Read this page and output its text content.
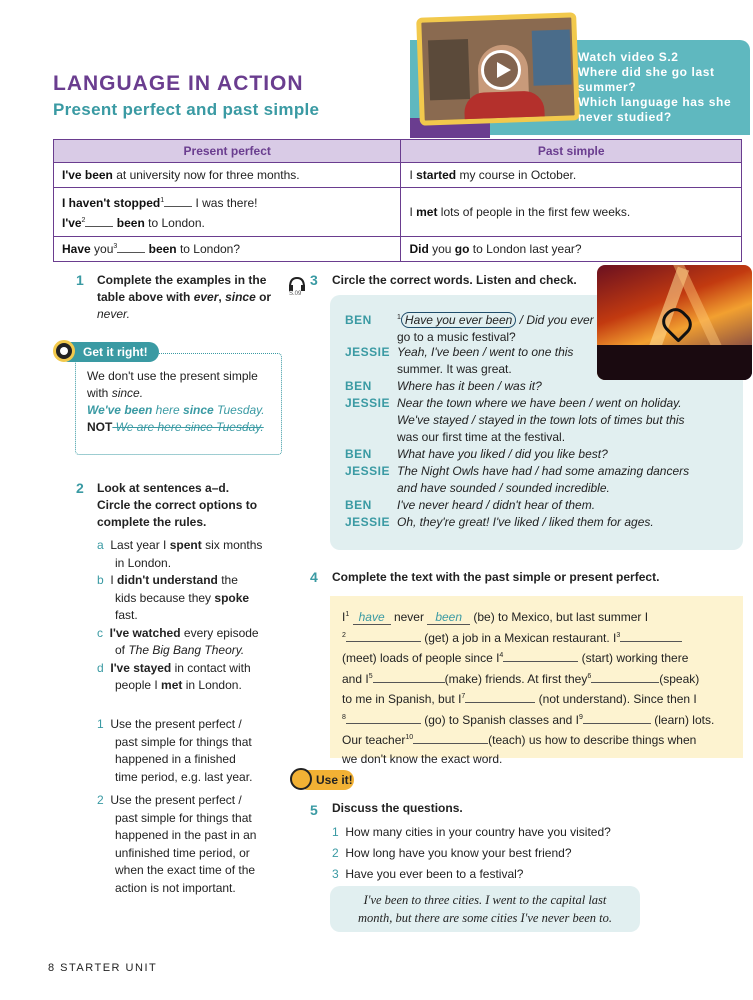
LANGUAGE IN ACTION
Present perfect and past simple
Watch video S.2
Where did she go last summer?
Which language has she never studied?
Present perfect	Past simple
I've been at university now for three months.	I started my course in October.
I haven't stopped$^1$ I was there!
$I've^2$ been to London.	I met lots of people in the first few weeks.
Have you$^3$ been to London?	Did you go to London last year?
1 Complete the examples in the
table above with ever, since or
never.
Get it right!
We don't use the present simple
with since.
We've been here since Tuesday.
NOT We are here since Tuesday.
2 Look at sentences a–d.
Circle the correct options to
complete the rules.
a Last year I spent six months
in London.
b I didn't understand the
kids because they spoke
fast.
c I've watched every episode
of The Big Bang Theory.
d I've stayed in contact with
people I met in London.
1 Use the present perfect /
past simple for things that
happened in a finished
time period, e.g. last year.
2 Use the present perfect /
past simple for things that
happened in the past in an
unfinished time period, or
when the exact time of the
action is not important.
S.09
3 Circle the correct words. Listen and check.
BEN	$^1$ Have you ever been / Did you ever
go to a music festival?
JESSIE Yeah, I've been / went to one this
summer. It was great.
BEN Where has it been / was it?
JESSIE Near the town where we have been / went on holiday.
We've stayed / stayed in the town lots of times but this
was our first time at the festival.
BEN What have you liked / did you like best?
JESSIE The Night Owls have had / had some amazing dancers
and have sounded / sounded incredible.
BEN I've never heard / didn't hear of them.
JESSIE Oh, they're great! I've liked / liked them for ages.
4 Complete the text with the past simple or present perfect.
$I^1$ have never been (be) to Mexico, but last summer I
$^2$	(get) a job in a Mexican restaurant. $I^3$
(meet) loads of people since $I^4$	(start) working there
and $I^5$	(make) friends. At first they$^6$	(speak)
to me in Spanish, but $I^7$	(not understand). Since then I
$^8$	(go) to Spanish classes and $I^9$	(learn) lots.
Our teacher$^{10}$	(teach) us how to describe things when
we don't know the exact word.
Use it!
5 Discuss the questions.
1 How many cities in your country have you visited?
2 How long have you know your best friend?
3 Have you ever been to a festival?
I've been to three cities. I went to the capital last
month, but there are some cities I've never been to.
8 STARTER UNIT
